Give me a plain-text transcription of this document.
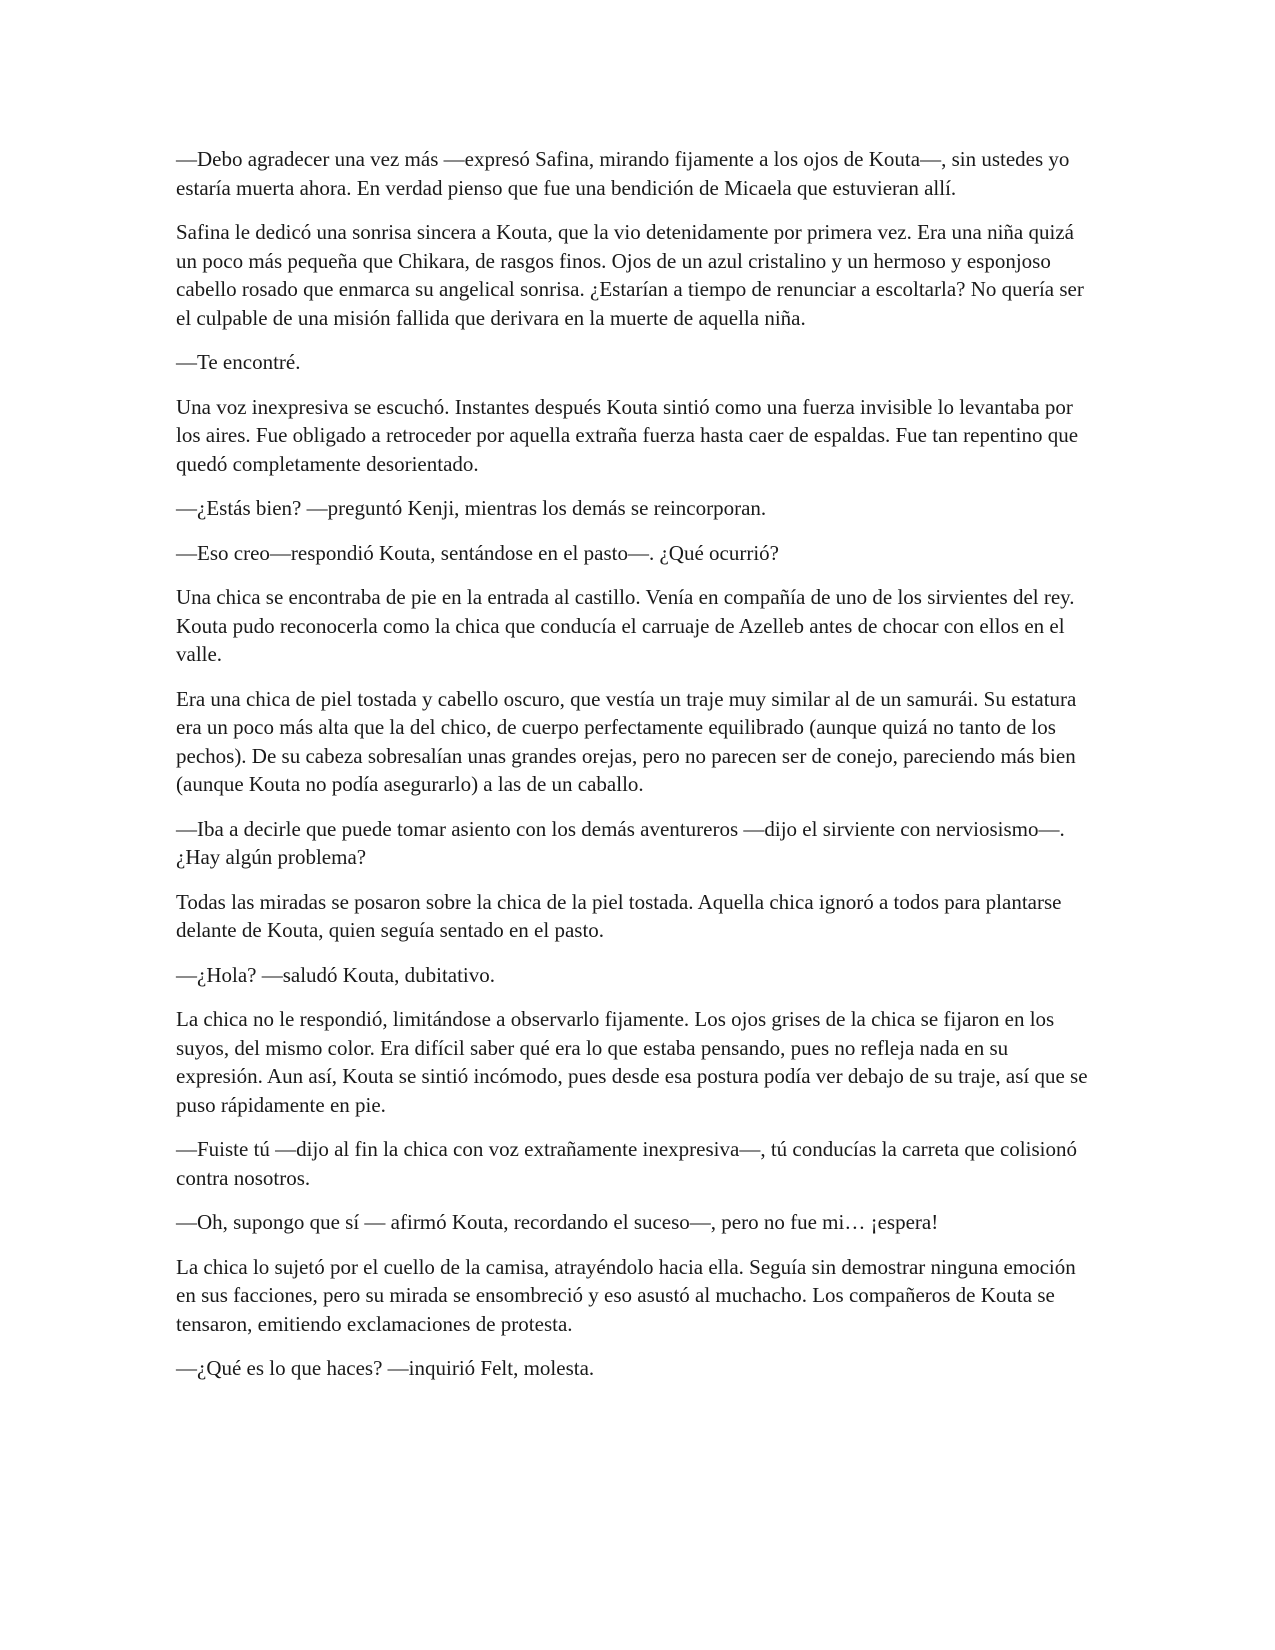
—Debo agradecer una vez más —expresó Safina, mirando fijamente a los ojos de Kouta—, sin ustedes yo estaría muerta ahora. En verdad pienso que fue una bendición de Micaela que estuvieran allí.

Safina le dedicó una sonrisa sincera a Kouta, que la vio detenidamente por primera vez. Era una niña quizá un poco más pequeña que Chikara, de rasgos finos. Ojos de un azul cristalino y un hermoso y esponjoso cabello rosado que enmarca su angelical sonrisa. ¿Estarían a tiempo de renunciar a escoltarla? No quería ser el culpable de una misión fallida que derivara en la muerte de aquella niña.

—Te encontré.

Una voz inexpresiva se escuchó. Instantes después Kouta sintió como una fuerza invisible lo levantaba por los aires. Fue obligado a retroceder por aquella extraña fuerza hasta caer de espaldas. Fue tan repentino que quedó completamente desorientado.

—¿Estás bien? —preguntó Kenji, mientras los demás se reincorporan.

—Eso creo—respondió Kouta, sentándose en el pasto—. ¿Qué ocurrió?

Una chica se encontraba de pie en la entrada al castillo. Venía en compañía de uno de los sirvientes del rey. Kouta pudo reconocerla como la chica que conducía el carruaje de Azelleb antes de chocar con ellos en el valle.

Era una chica de piel tostada y cabello oscuro, que vestía un traje muy similar al de un samurái. Su estatura era un poco más alta que la del chico, de cuerpo perfectamente equilibrado (aunque quizá no tanto de los pechos). De su cabeza sobresalían unas grandes orejas, pero no parecen ser de conejo, pareciendo más bien (aunque Kouta no podía asegurarlo) a las de un caballo.

—Iba a decirle que puede tomar asiento con los demás aventureros —dijo el sirviente con nerviosismo—. ¿Hay algún problema?

Todas las miradas se posaron sobre la chica de la piel tostada. Aquella chica ignoró a todos para plantarse delante de Kouta, quien seguía sentado en el pasto.

—¿Hola? —saludó Kouta, dubitativo.

La chica no le respondió, limitándose a observarlo fijamente. Los ojos grises de la chica se fijaron en los suyos, del mismo color. Era difícil saber qué era lo que estaba pensando, pues no refleja nada en su expresión. Aun así, Kouta se sintió incómodo, pues desde esa postura podía ver debajo de su traje, así que se puso rápidamente en pie.

—Fuiste tú —dijo al fin la chica con voz extrañamente inexpresiva—, tú conducías la carreta que colisionó contra nosotros.

—Oh, supongo que sí — afirmó Kouta, recordando el suceso—, pero no fue mi… ¡espera!

La chica lo sujetó por el cuello de la camisa, atrayéndolo hacia ella. Seguía sin demostrar ninguna emoción en sus facciones, pero su mirada se ensombreció y eso asustó al muchacho. Los compañeros de Kouta se tensaron, emitiendo exclamaciones de protesta.

—¿Qué es lo que haces? —inquirió Felt, molesta.
